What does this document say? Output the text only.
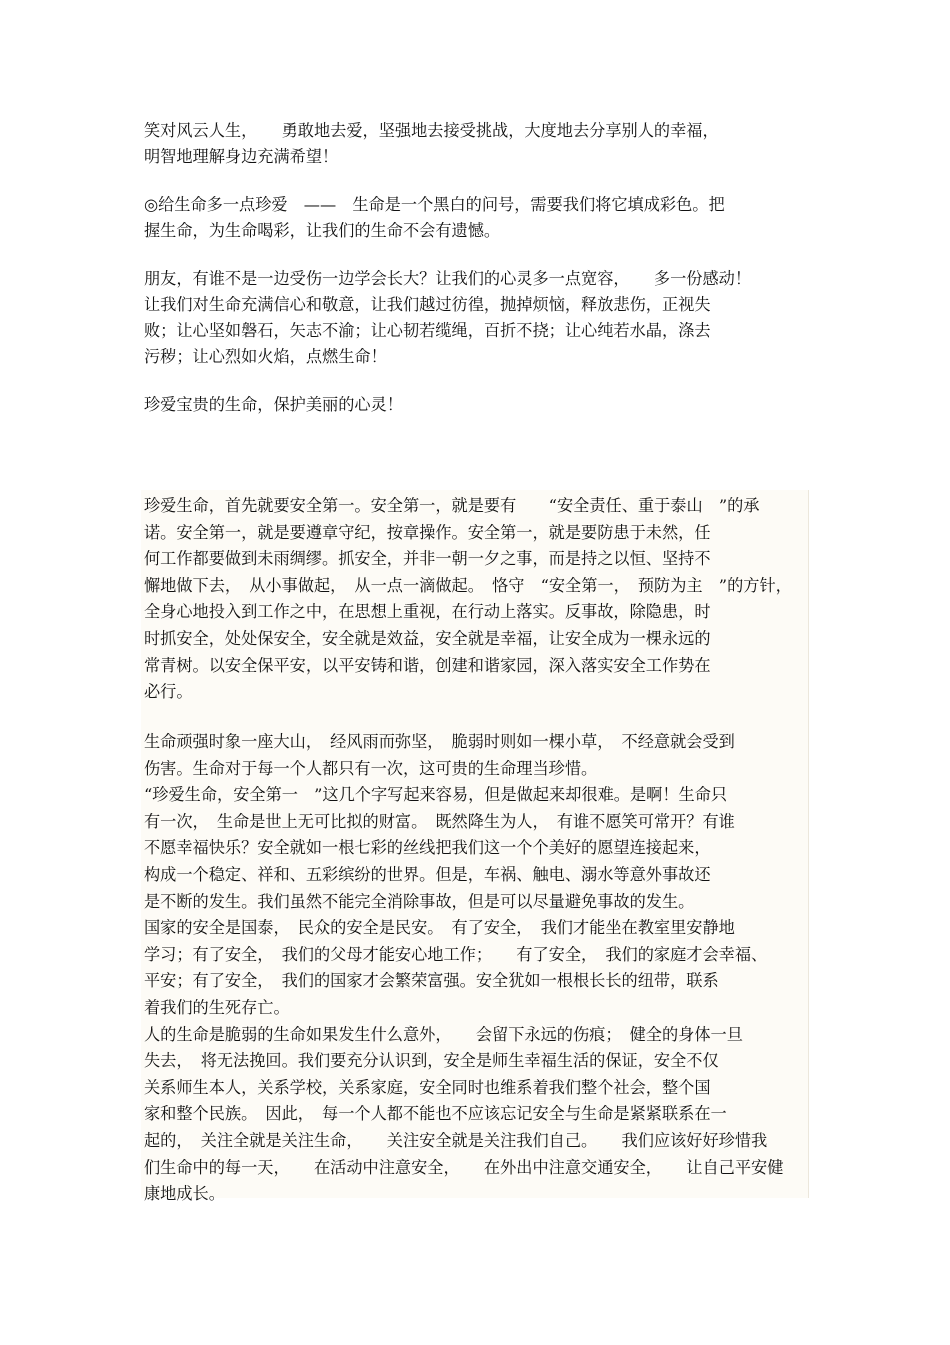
笑对风云人生，　　勇敢地去爱，坚强地去接受挑战，大度地去分享别人的幸福，
明智地理解身边充满希望！

◎给生命多一点珍爱　——　生命是一个黑白的问号，需要我们将它填成彩色。把
握生命，为生命喝彩，让我们的生命不会有遗憾。

朋友，有谁不是一边受伤一边学会长大？让我们的心灵多一点宽容，　　多一份感动！
让我们对生命充满信心和敬意，让我们越过彷徨，抛掉烦恼，释放悲伤，正视失
败；让心坚如磐石，矢志不渝；让心韧若缆绳，百折不挠；让心纯若水晶，涤去
污秽；让心烈如火焰，点燃生命！

珍爱宝贵的生命，保护美丽的心灵！

珍爱生命，首先就要安全第一。安全第一，就是要有　　“安全责任、重于泰山　”的承
诺。安全第一，就是要遵章守纪，按章操作。安全第一，就是要防患于未然，任
何工作都要做到未雨绸缪。抓安全，并非一朝一夕之事，而是持之以恒、坚持不
懈地做下去，　从小事做起，　从一点一滴做起。　恪守　“安全第一，　预防为主　”的方针，
全身心地投入到工作之中，在思想上重视，在行动上落实。反事故，除隐患，时
时抓安全，处处保安全，安全就是效益，安全就是幸福，让安全成为一棵永远的
常青树。以安全保平安，以平安铸和谐，创建和谐家园，深入落实安全工作势在
必行。

生命顽强时象一座大山，　经风雨而弥坚，　脆弱时则如一棵小草，　不经意就会受到
伤害。生命对于每一个人都只有一次，这可贵的生命理当珍惜。
“珍爱生命，安全第一　”这几个字写起来容易，但是做起来却很难。是啊！生命只
有一次，　生命是世上无可比拟的财富。　既然降生为人，　有谁不愿笑可常开？有谁
不愿幸福快乐？安全就如一根七彩的丝线把我们这一个个美好的愿望连接起来，
构成一个稳定、祥和、五彩缤纷的世界。但是，车祸、触电、溺水等意外事故还
是不断的发生。我们虽然不能完全消除事故，但是可以尽量避免事故的发生。
国家的安全是国泰，　民众的安全是民安。　有了安全，　我们才能坐在教室里安静地
学习；有了安全，　我们的父母才能安心地工作；　　有了安全，　我们的家庭才会幸福、
平安；有了安全，　我们的国家才会繁荣富强。安全犹如一根根长长的纽带，联系
着我们的生死存亡。
人的生命是脆弱的生命如果发生什么意外，　　会留下永远的伤痕；　健全的身体一旦
失去，　将无法挽回。我们要充分认识到，安全是师生幸福生活的保证，安全不仅
关系师生本人，关系学校，关系家庭，安全同时也维系着我们整个社会，整个国
家和整个民族。　因此，　每一个人都不能也不应该忘记安全与生命是紧紧联系在一
起的，　关注全就是关注生命，　　关注安全就是关注我们自己。　　我们应该好好珍惜我
们生命中的每一天，　　在活动中注意安全，　　在外出中注意交通安全，　　让自己平安健
康地成长。
